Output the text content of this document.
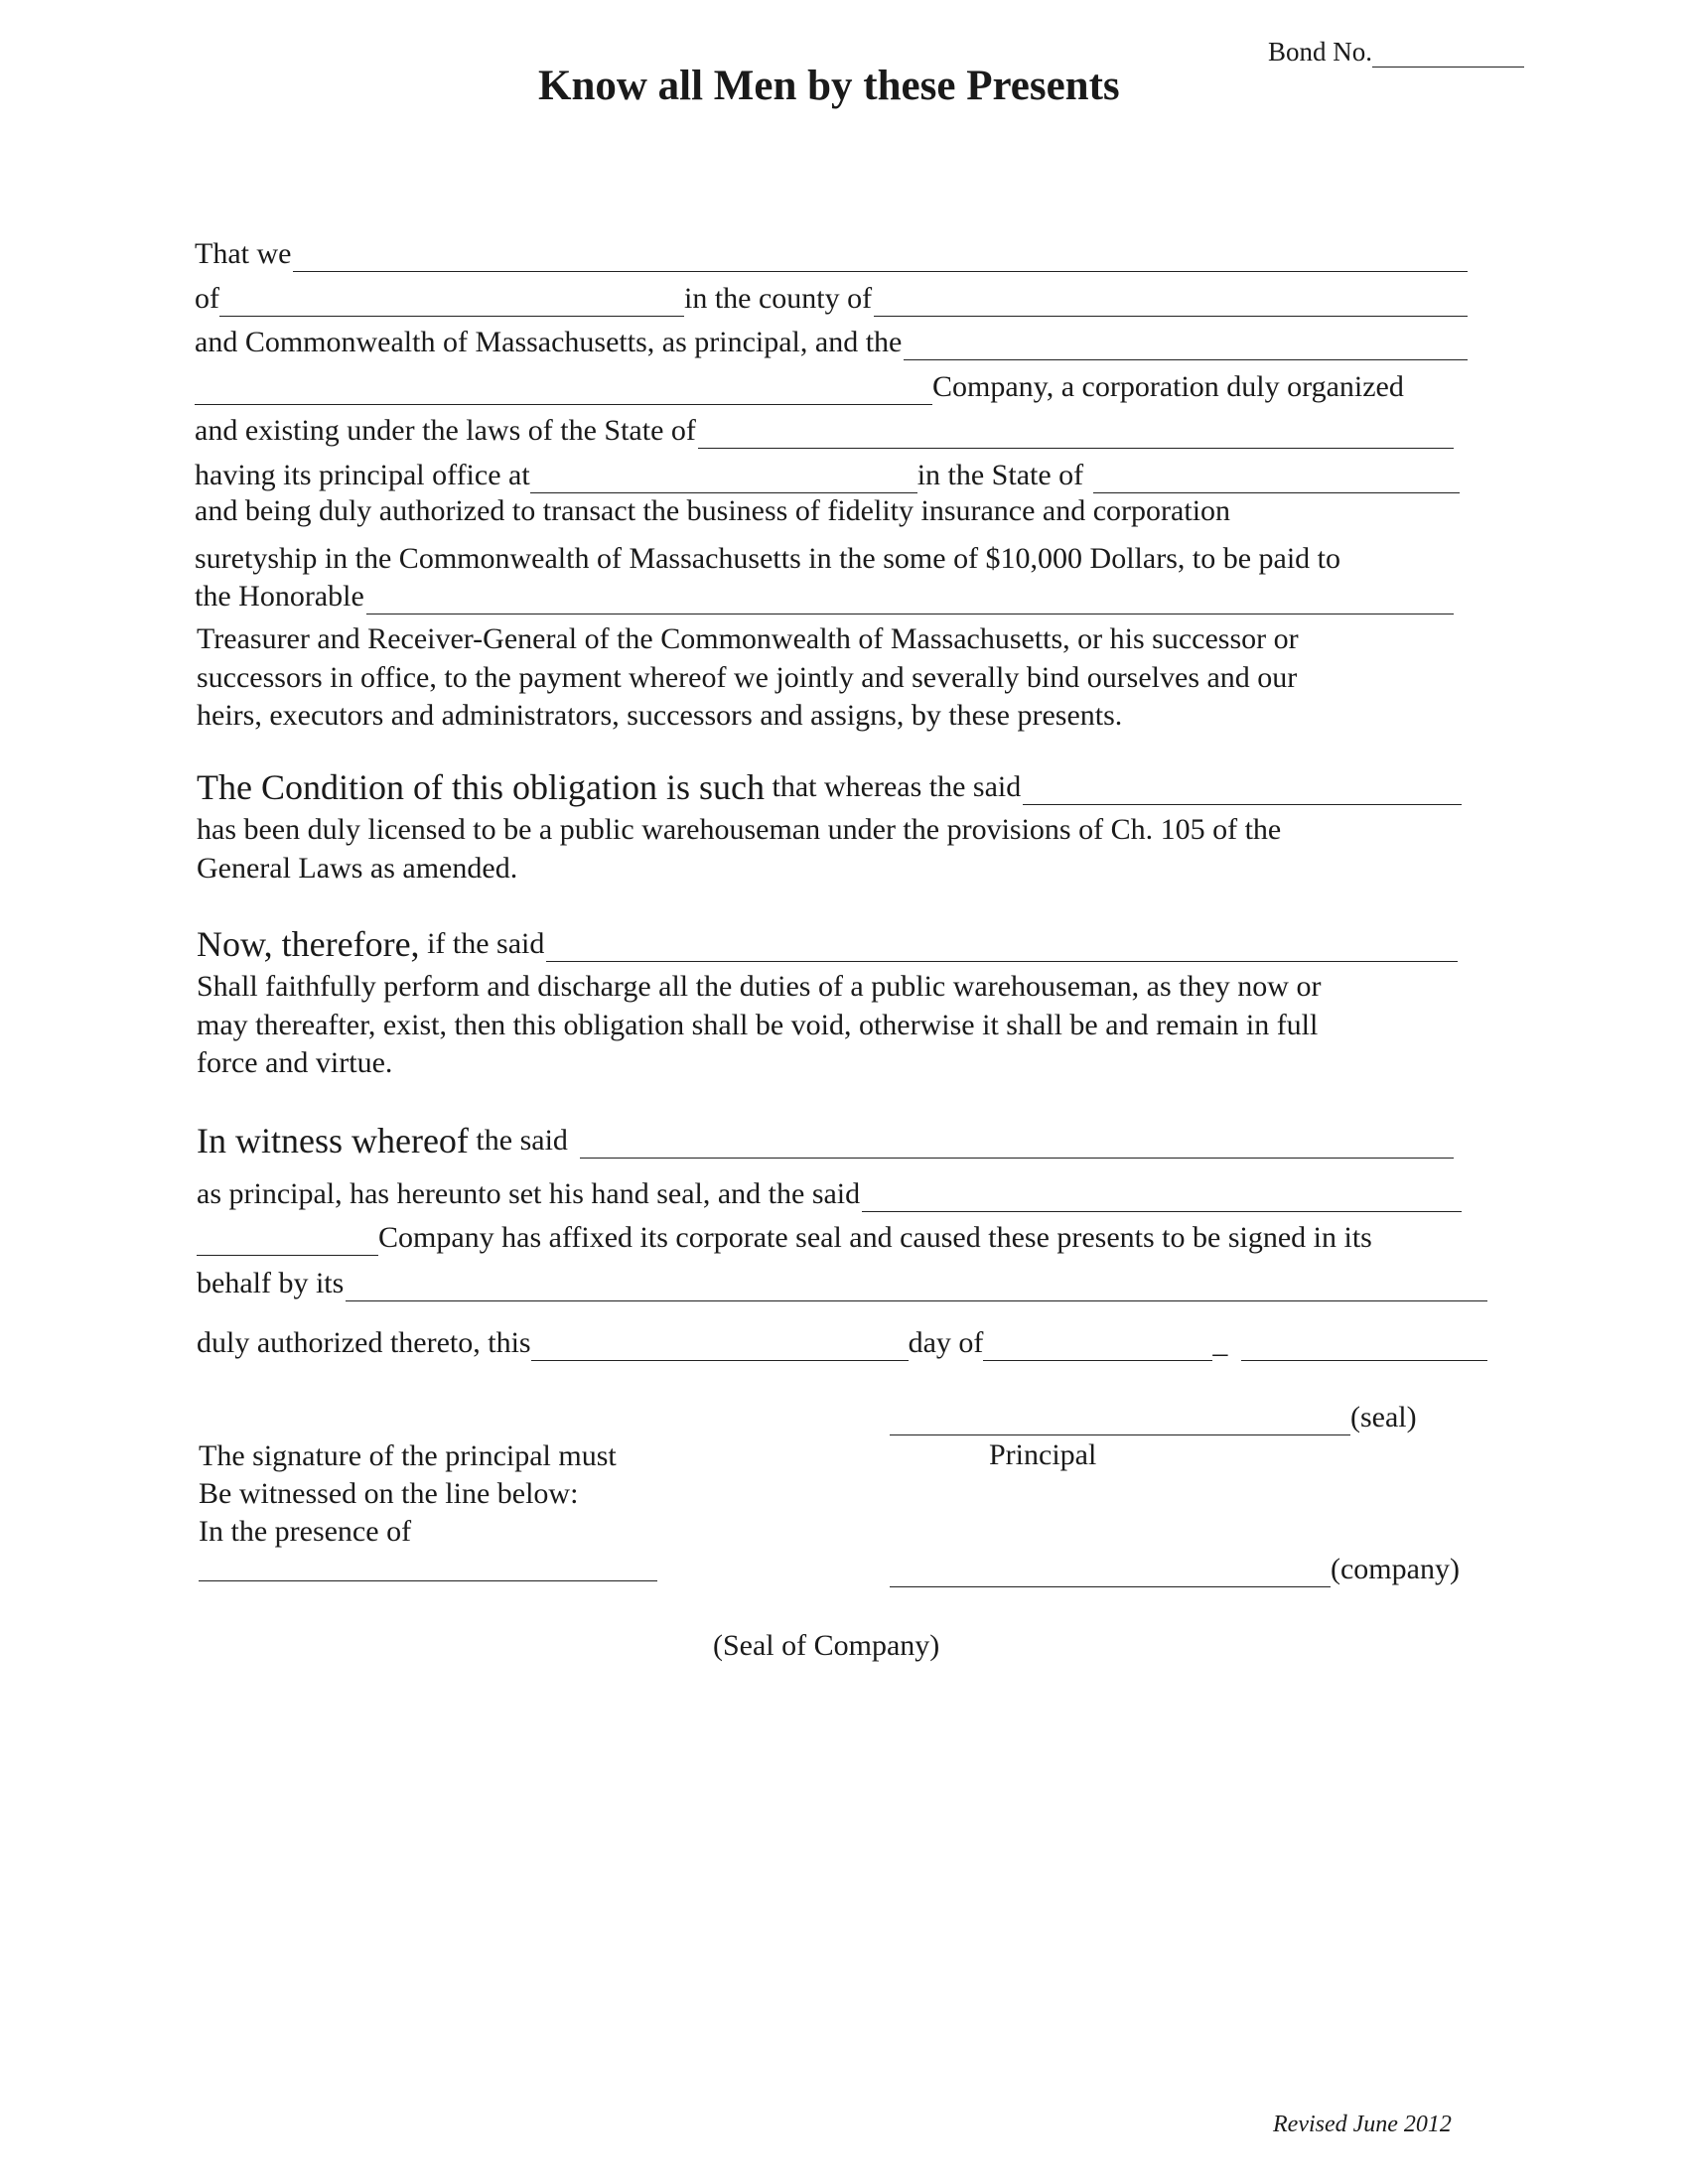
Bond No.
Know all Men by these Presents
That we
of	in the county of
and Commonwealth of Massachusetts, as principal, and the
Company, a corporation duly organized
and existing under the laws of the State of
having its principal office at	in the State of
and being duly authorized to transact the business of fidelity insurance and corporation
suretyship in the Commonwealth of Massachusetts in the some of $10,000 Dollars, to be paid to
the Honorable
Treasurer and Receiver-General of the Commonwealth of Massachusetts, or his successor or
successors in office, to the payment whereof we jointly and severally bind ourselves and our
heirs, executors and administrators, successors and assigns, by these presents.
The Condition of this obligation is such that whereas the said
has been duly licensed to be a public warehouseman under the provisions of Ch. 105 of the
General Laws as amended.
Now, therefore, if the said
Shall faithfully perform and discharge all the duties of a public warehouseman, as they now or
may thereafter, exist, then this obligation shall be void, otherwise it shall be and remain in full
force and virtue.
In witness whereof the said
as principal, has hereunto set his hand seal, and the said
Company has affixed its corporate seal and caused these presents to be signed in its
behalf by its
duly authorized thereto, this	day of	_
(seal)
Principal
The signature of the principal must
Be witnessed on the line below:
In the presence of
(company)
(Seal of Company)
Revised June 2012
